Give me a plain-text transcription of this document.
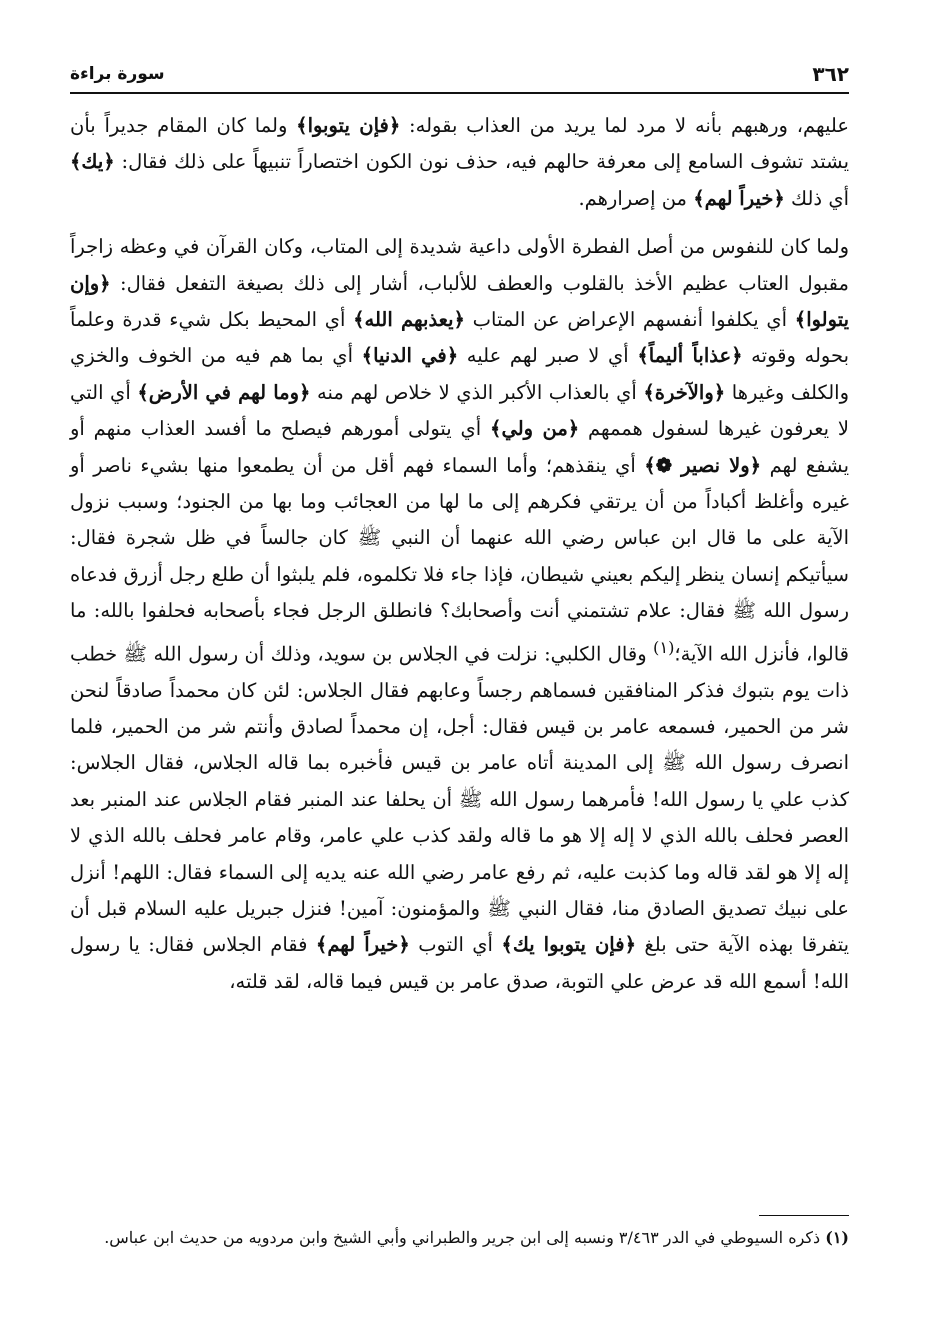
٣٦٢
سورة براءة

عليهم، ورهبهم بأنه لا مرد لما يريد من العذاب بقوله: ﴿فإن يتوبوا﴾ ولما كان المقام جديراً بأن يشتد تشوف السامع إلى معرفة حالهم فيه، حذف نون الكون اختصاراً تنبيهاً على ذلك فقال: ﴿يك﴾ أي ذلك ﴿خيراً لهم﴾ من إصرارهم.

ولما كان للنفوس من أصل الفطرة الأولى داعية شديدة إلى المتاب، وكان القرآن في وعظه زاجراً مقبول العتاب عظيم الأخذ بالقلوب والعطف للألباب، أشار إلى ذلك بصيغة التفعل فقال: ﴿وإن يتولوا﴾ أي يكلفوا أنفسهم الإعراض عن المتاب ﴿يعذبهم الله﴾ أي المحيط بكل شيء قدرة وعلماً بحوله وقوته ﴿عذاباً أليماً﴾ أي لا صبر لهم عليه ﴿في الدنيا﴾ أي بما هم فيه من الخوف والخزي والكلف وغيرها ﴿والآخرة﴾ أي بالعذاب الأكبر الذي لا خلاص لهم منه ﴿وما لهم في الأرض﴾ أي التي لا يعرفون غيرها لسفول هممهم ﴿من ولي﴾ أي يتولى أمورهم فيصلح ما أفسد العذاب منهم أو يشفع لهم ﴿ولا نصير ❁﴾ أي ينقذهم؛ وأما السماء فهم أقل من أن يطمعوا منها بشيء ناصر أو غيره وأغلظ أكباداً من أن يرتقي فكرهم إلى ما لها من العجائب وما بها من الجنود؛ وسبب نزول الآية على ما قال ابن عباس رضي الله عنهما أن النبي ﷺ كان جالساً في ظل شجرة فقال: سيأتيكم إنسان ينظر إليكم بعيني شيطان، فإذا جاء فلا تكلموه، فلم يلبثوا أن طلع رجل أزرق فدعاه رسول الله ﷺ فقال: علام تشتمني أنت وأصحابك؟ فانطلق الرجل فجاء بأصحابه فحلفوا بالله: ما قالوا، فأنزل الله الآية؛$^{(١)}$ وقال الكلبي: نزلت في الجلاس بن سويد، وذلك أن رسول الله ﷺ خطب ذات يوم بتبوك فذكر المنافقين فسماهم رجساً وعابهم فقال الجلاس: لئن كان محمداً صادقاً لنحن شر من الحمير، فسمعه عامر بن قيس فقال: أجل، إن محمداً لصادق وأنتم شر من الحمير، فلما انصرف رسول الله ﷺ إلى المدينة أتاه عامر بن قيس فأخبره بما قاله الجلاس، فقال الجلاس: كذب علي يا رسول الله! فأمرهما رسول الله ﷺ أن يحلفا عند المنبر فقام الجلاس عند المنبر بعد العصر فحلف بالله الذي لا إله إلا هو ما قاله ولقد كذب علي عامر، وقام عامر فحلف بالله الذي لا إله إلا هو لقد قاله وما كذبت عليه، ثم رفع عامر رضي الله عنه يديه إلى السماء فقال: اللهم! أنزل على نبيك تصديق الصادق منا، فقال النبي ﷺ والمؤمنون: آمين! فنزل جبريل عليه السلام قبل أن يتفرقا بهذه الآية حتى بلغ ﴿فإن يتوبوا يك﴾ أي التوب ﴿خيراً لهم﴾ فقام الجلاس فقال: يا رسول الله! أسمع الله قد عرض علي التوبة، صدق عامر بن قيس فيما قاله، لقد قلته،

(١) ذكره السيوطي في الدر ٣/٤٦٣ ونسبه إلى ابن جرير والطبراني وأبي الشيخ وابن مردويه من حديث ابن عباس.
